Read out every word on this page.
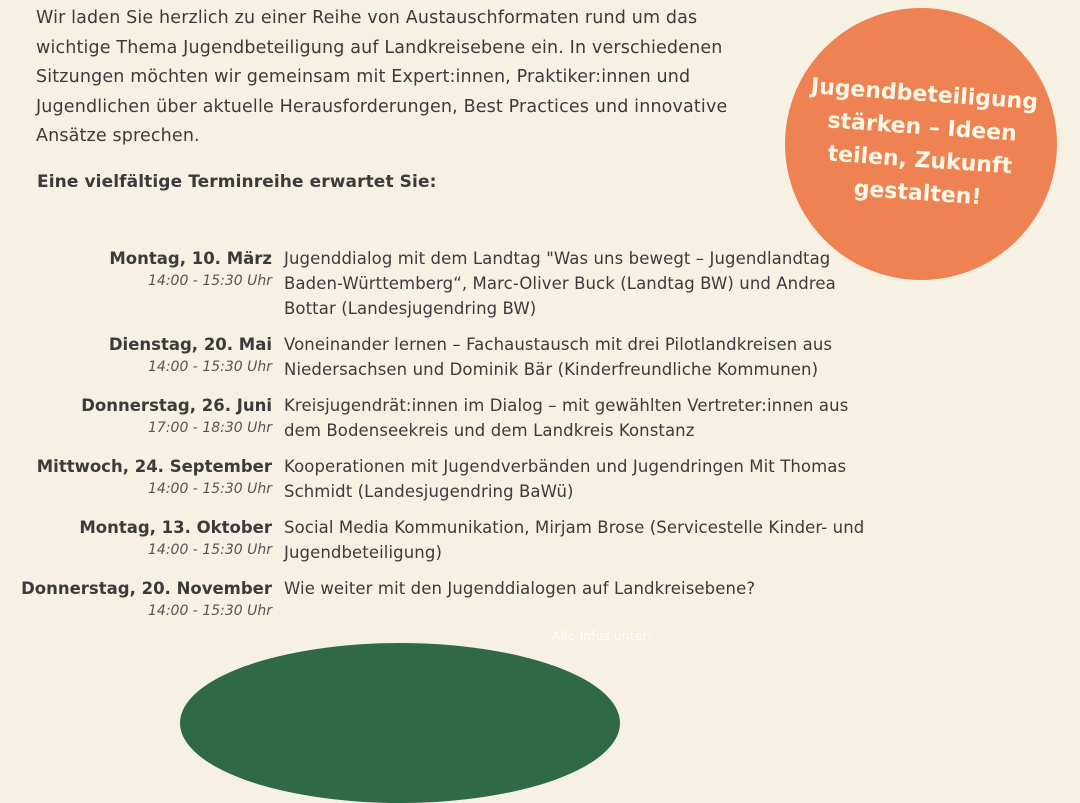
Wir laden Sie herzlich zu einer Reihe von Austauschformaten rund um das wichtige Thema Jugendbeteiligung auf Landkreisebene ein. In verschiedenen Sitzungen möchten wir gemeinsam mit Expert:innen, Praktiker:innen und Jugendlichen über aktuelle Herausforderungen, Best Practices und innovative Ansätze sprechen.

Eine vielfältige Terminreihe erwartet Sie:

Jugendbeteiligung stärken – Ideen teilen, Zukunft gestalten!
Montag, 10. März
14:00 - 15:30 Uhr
Jugenddialog mit dem Landtag "Was uns bewegt – Jugendlandtag Baden-Württemberg“, Marc-Oliver Buck (Landtag BW) und Andrea Bottar (Landesjugendring BW)
Dienstag, 20. Mai
14:00 - 15:30 Uhr
Voneinander lernen – Fachaustausch mit drei Pilotlandkreisen aus Niedersachsen und Dominik Bär (Kinderfreundliche Kommunen)
Donnerstag, 26. Juni
17:00 - 18:30 Uhr
Kreisjugendrät:innen im Dialog – mit gewählten Vertreter:innen aus dem Bodenseekreis und dem Landkreis Konstanz
Mittwoch, 24. September
14:00 - 15:30 Uhr
Kooperationen mit Jugendverbänden und Jugendringen Mit Thomas Schmidt (Landesjugendring BaWü)
Montag, 13. Oktober
14:00 - 15:30 Uhr
Social Media Kommunikation, Mirjam Brose (Servicestelle Kinder- und Jugendbeteiligung)
Donnerstag, 20. November
14:00 - 15:30 Uhr
Wie weiter mit den Jugenddialogen auf Landkreisebene?
Alle Infos unter:
